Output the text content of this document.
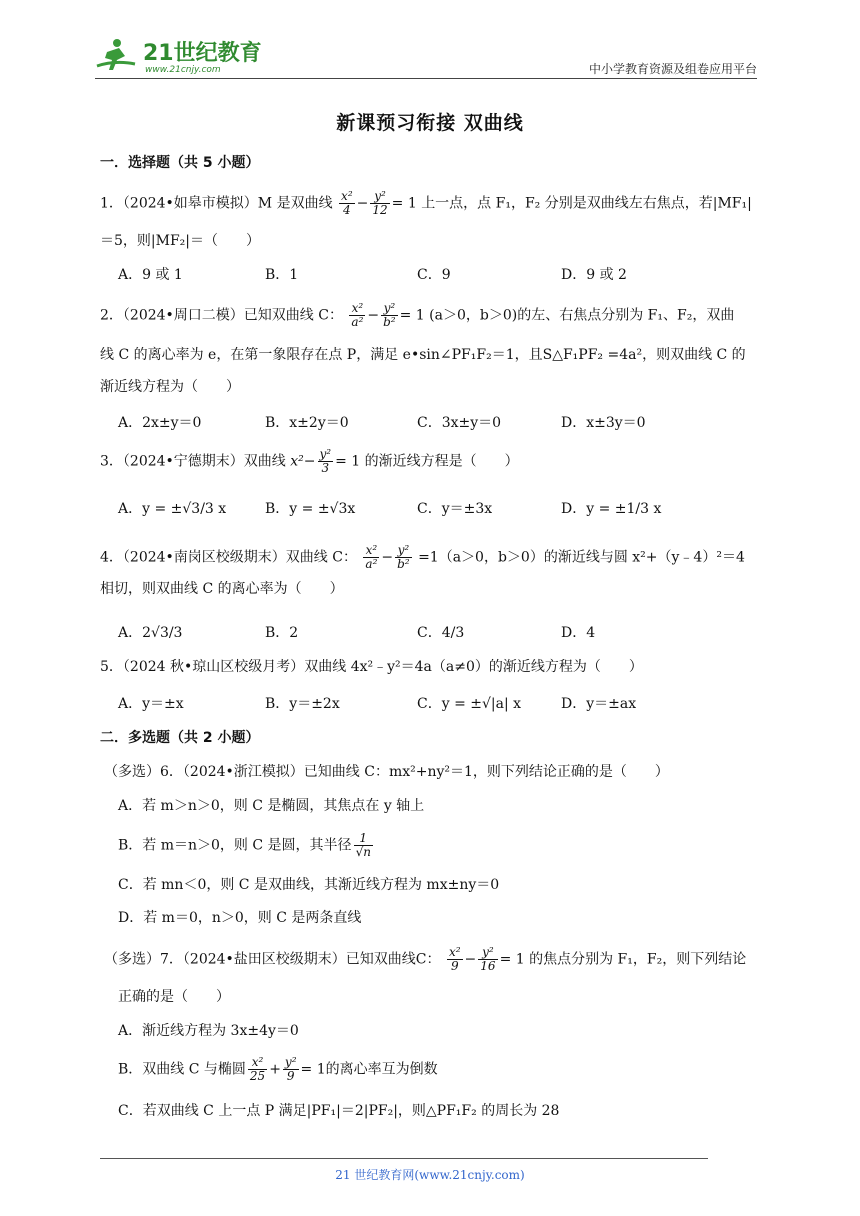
21世纪教育
www.21cnjy.com	中小学教育资源及组卷应用平台
新课预习衔接 双曲线
一．选择题（共 5 小题）
1．（2024•如皋市模拟）M 是双曲线 $\frac{\text{x²}}{4} - \frac{\text{y²}}{12} = 1$ 上一点，点 F₁，F₂ 分别是双曲线左右焦点，若|MF₁|
＝5，则|MF₂|＝（　　）
A．9 或 1	B．1	C．9	D．9 或 2
2．（2024•周口二模）已知双曲线 C： $\frac{\text{x²}}{\text{a²}} - \frac{\text{y²}}{\text{b²}} = 1$ (a＞0，b＞0)的左、右焦点分别为 F₁、F₂，双曲
线 C 的离心率为 e，在第一象限存在点 P，满足 e•sin∠PF₁F₂＝1，且S△F₁PF₂ =4a²，则双曲线 C 的
渐近线方程为（　　）
A．2x±y＝0	B．x±2y＝0	C．3x±y＝0	D．x±3y＝0
3．（2024•宁德期末）双曲线 $x^2- \frac{\text{y²}}{3} = 1$ 的渐近线方程是（　　）
A．y = ±√3/3 x	B．y = ±√3x	C．y＝±3x	D．y = ±1/3 x
4．（2024•南岗区校级期末）双曲线 C： $\frac{\text{x²}}{\text{a²}} - \frac{\text{y²}}{\text{b²}} =1(a>0$，b＞0）的渐近线与圆 x²+（y﹣4）²＝4
相切，则双曲线 C 的离心率为（　　）
A．2√3/3	B．2	C．4/3	D．4
5．（2024 秋•琼山区校级月考）双曲线 4x²﹣y²＝4a（a≠0）的渐近线方程为（　　）
A．y＝±x	B．y＝±2x	C．y = ±√|a| x	D．y＝±ax
二．多选题（共 2 小题）
（多选）6．（2024•浙江模拟）已知曲线 C：mx²+ny²＝1，则下列结论正确的是（　　）
A．若 m＞n＞0，则 C 是椭圆，其焦点在 y 轴上
B．若 m＝n＞0，则 C 是圆，其半径 $\frac{1}{√n}$
C．若 mn＜0，则 C 是双曲线，其渐近线方程为 mx±ny＝0
D．若 m＝0，n＞0，则 C 是两条直线
（多选）7．（2024•盐田区校级期末）已知双曲线C： $\frac{\text{x²}}{9} - \frac{\text{y²}}{16} = 1$ 的焦点分别为 F₁，F₂，则下列结论
正确的是（　　）
A．渐近线方程为 3x±4y＝0
B．双曲线 C 与椭圆 $\frac{\text{x²}}{25} + \frac{\text{y²}}{9} = 1$的离心率互为倒数
C．若双曲线 C 上一点 P 满足|PF₁|＝2|PF₂|，则△PF₁F₂ 的周长为 28
21 世纪教育网(www.21cnjy.com)
